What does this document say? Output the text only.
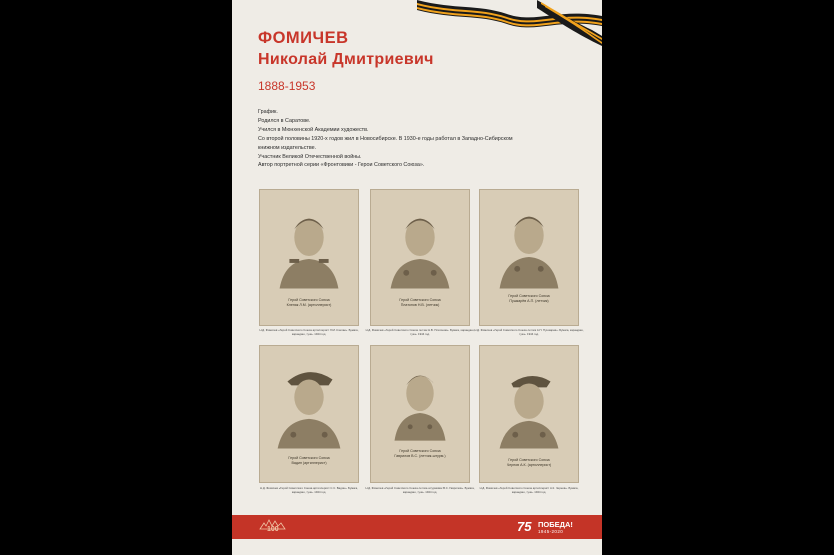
ФОМИЧЕВ
Николай Дмитриевич
1888-1953
График.
Родился в Саратове.
Учился в Мюнхенской Академии художеств.
Со второй половины 1920-х годов жил в Новосибирске. В 1930-е годы работал в Западно-Сибирском
книжном издательстве.
Участник Великой Отечественной войны.
Автор портретной серии «Фронтовики - Герои Советского Союза».
Герой Советского Союза
Клепак Л.М. (артиллерист)
Н.Д. Фомичев «Герой Советского Союза артиллерист Л.М. Клепак». Бумага, карандаш, тушь. 1944 год.
Герой Советского Союза
Платонов Н.В. (летчик)
Н.Д. Фомичев «Герой Советского Союза летчик Н.В. Платонов». Бумага, карандаш, тушь. 1944 год.
Герой Советского Союза
Пушкарёв А.П. (летчик)
Н.Д. Фомичев «Герой Советского Союза летчик А.П. Пушкарев». Бумага, карандаш, тушь. 1944 год.
Герой Советского Союза
Вадин (артиллерист)
Н.Д. Фомичев «Герой Советского Союза артиллерист С.С. Вадин». Бумага, карандаш, тушь. 1944 год.
Герой Советского Союза
Гаврилов В.С. (летчик-штурм.)
Н.Д. Фомичев «Герой Советского Союза летчик-штурмовик В.С. Гаврилов». Бумага, карандаш, тушь. 1944 год.
Герой Советского Союза
Чернов А.К. (артиллерист)
Н.Д. Фомичев «Герой Советского Союза артиллерист А.К. Чернов». Бумага, карандаш, тушь. 1944 год.
100	75 ПОБЕДА!
1945-2020
